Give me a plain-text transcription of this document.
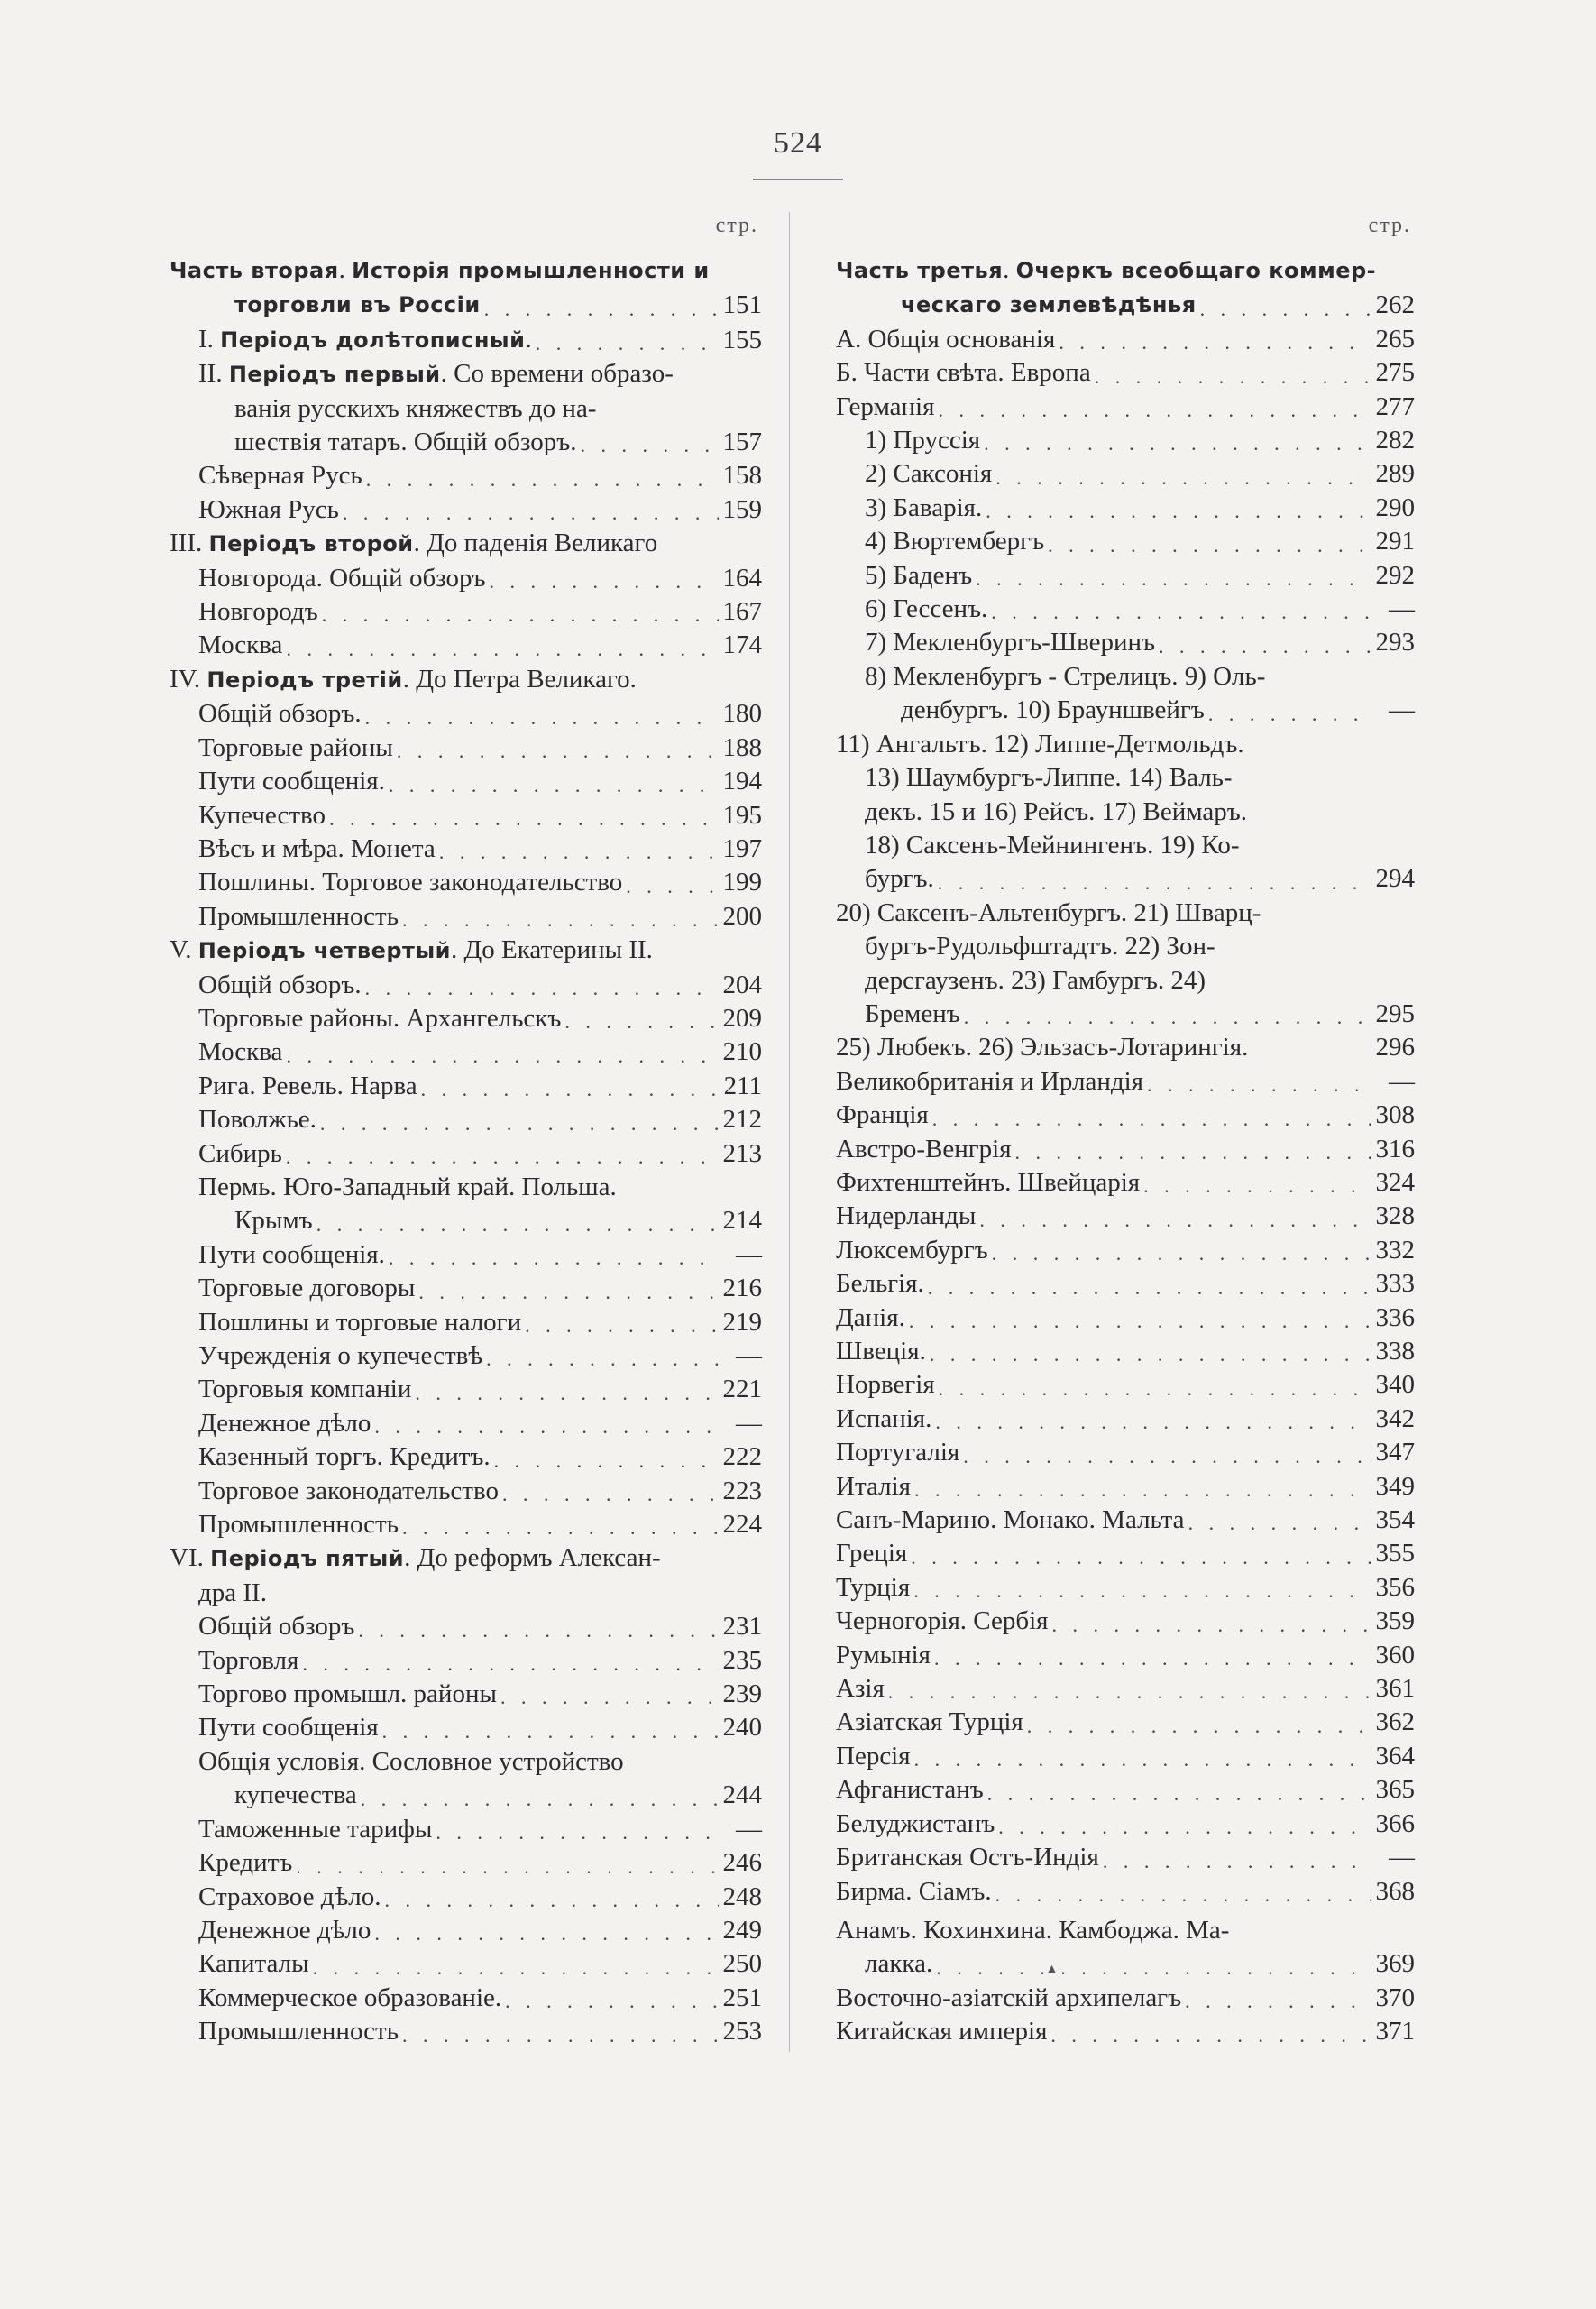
524
стр.
Часть вторая. Исторія промышленности и
торговли въ Россіи . . .	151
I. Періодъ долѣтописный. . . .	155
II. Періодъ первый. Со времени образо-
ванія русскихъ княжествъ до на-
шествія татаръ. Общій обзоръ. . . .	157
Сѣверная Русь . . .	158
Южная Русь . . .	159
III. Періодъ второй. До паденія Великаго
Новгорода. Общій обзоръ . . .	164
Новгородъ . . .	167
Москва . . .	174
IV. Періодъ третій. До Петра Великаго.
Общій обзоръ. . . .	180
Торговые районы . . .	188
Пути сообщенія. . . .	194
Купечество . . .	195
Вѣсъ и мѣра. Монета . . .	197
Пошлины. Торговое законодательство . . .	199
Промышленность . . .	200
V. Періодъ четвертый. До Екатерины II.
Общій обзоръ. . . .	204
Торговые районы. Архангельскъ . . .	209
Москва . . .	210
Рига. Ревель. Нарва . . .	211
Поволжье. . . .	212
Сибирь . . .	213
Пермь. Юго-Западный край. Польша.
Крымъ . . .	214
Пути сообщенія. . . .	—
Торговые договоры . . .	216
Пошлины и торговые налоги . . .	219
Учрежденія о купечествѣ . . .	—
Торговыя компаніи . . .	221
Денежное дѣло . . .	—
Казенный торгъ. Кредитъ. . . .	222
Торговое законодательство . . .	223
Промышленность . . .	224
VI. Періодъ пятый. До реформъ Алексан-
дра II.
Общій обзоръ . . .	231
Торговля . . .	235
Торгово промышл. районы . . .	239
Пути сообщенія . . .	240
Общія условія. Сословное устройство
купечества . . .	244
Таможенные тарифы . . .	—
Кредитъ . . .	246
Страховое дѣло. . . .	248
Денежное дѣло . . .	249
Капиталы . . .	250
Коммерческое образованіе. . . .	251
Промышленность . . .	253
стр.
Часть третья. Очеркъ всеобщаго коммер-
ческаго землевѣдѣнья . . .	262
А. Общія основанія . . .	265
Б. Части свѣта. Европа . . .	275
Германія . . .	277
1) Пруссія . . .	282
2) Саксонія . . .	289
3) Баварія. . . .	290
4) Вюртембергъ . . .	291
5) Баденъ . . .	292
6) Гессенъ. . . .	—
7) Мекленбургъ-Шверинъ . . .	293
8) Мекленбургъ - Стрелицъ. 9) Оль-
денбургъ. 10) Брауншвейгъ . . .	—
11) Ангальтъ. 12) Липпе-Детмольдъ.
13) Шаумбургъ-Липпе. 14) Валь-
декъ. 15 и 16) Рейсъ. 17) Веймаръ.
18) Саксенъ-Мейнингенъ. 19) Ко-
бургъ. . . .	294
20) Саксенъ-Альтенбургъ. 21) Шварц-
бургъ-Рудольфштадтъ. 22) Зон-
дерсгаузенъ. 23) Гамбургъ. 24)
Бременъ . . .	295
25) Любекъ. 26) Эльзасъ-Лотарингія.	296
Великобританія и Ирландія . . .	—
Франція . . .	308
Австро-Венгрія . . .	316
Фихтенштейнъ. Швейцарія . . .	324
Нидерланды . . .	328
Люксембургъ . . .	332
Бельгія. . . .	333
Данія. . . .	336
Швеція. . . .	338
Норвегія . . .	340
Испанія. . . .	342
Португалія . . .	347
Италія . . .	349
Санъ-Марино. Монако. Мальта . . .	354
Греція . . .	355
Турція . . .	356
Черногорія. Сербія . . .	359
Румынія . . .	360
Азія . . .	361
Азіатская Турція . . .	362
Персія . . .	364
Афганистанъ . . .	365
Белуджистанъ . . .	366
Британская Остъ-Индія . . .	—
Бирма. Сіамъ. . . .	368
Анамъ. Кохинхина. Камбоджа. Ма-
лакка. . . .	369
Восточно-азіатскій архипелагъ . . .	370
Китайская имперія . . .	371
▴
